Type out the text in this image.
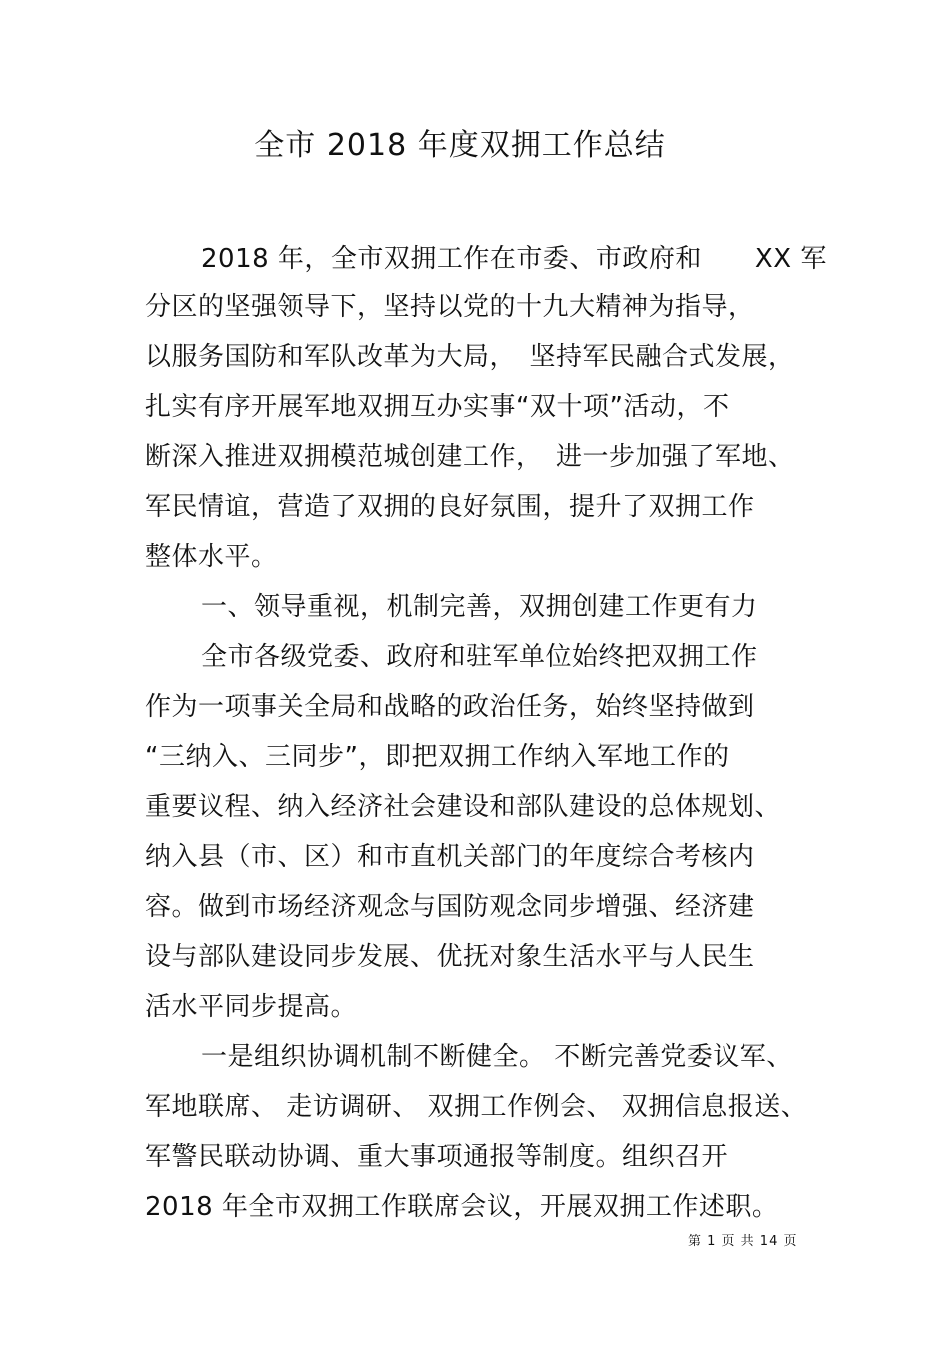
全市 2018 年度双拥工作总结
2018 年，全市双拥工作在市委、市政府和　　XX 军
分区的坚强领导下，坚持以党的十九大精神为指导，
以服务国防和军队改革为大局，　坚持军民融合式发展，
扎实有序开展军地双拥互办实事“双十项”活动，不
断深入推进双拥模范城创建工作，　进一步加强了军地、
军民情谊，营造了双拥的良好氛围，提升了双拥工作
整体水平。
一、领导重视，机制完善，双拥创建工作更有力
全市各级党委、政府和驻军单位始终把双拥工作
作为一项事关全局和战略的政治任务，始终坚持做到
“三纳入、三同步”，即把双拥工作纳入军地工作的
重要议程、纳入经济社会建设和部队建设的总体规划、
纳入县（市、区）和市直机关部门的年度综合考核内
容。做到市场经济观念与国防观念同步增强、经济建
设与部队建设同步发展、优抚对象生活水平与人民生
活水平同步提高。
一是组织协调机制不断健全。 不断完善党委议军、
军地联席、 走访调研、 双拥工作例会、 双拥信息报送、
军警民联动协调、重大事项通报等制度。组织召开
2018 年全市双拥工作联席会议，开展双拥工作述职。
第 1 页 共 14 页
